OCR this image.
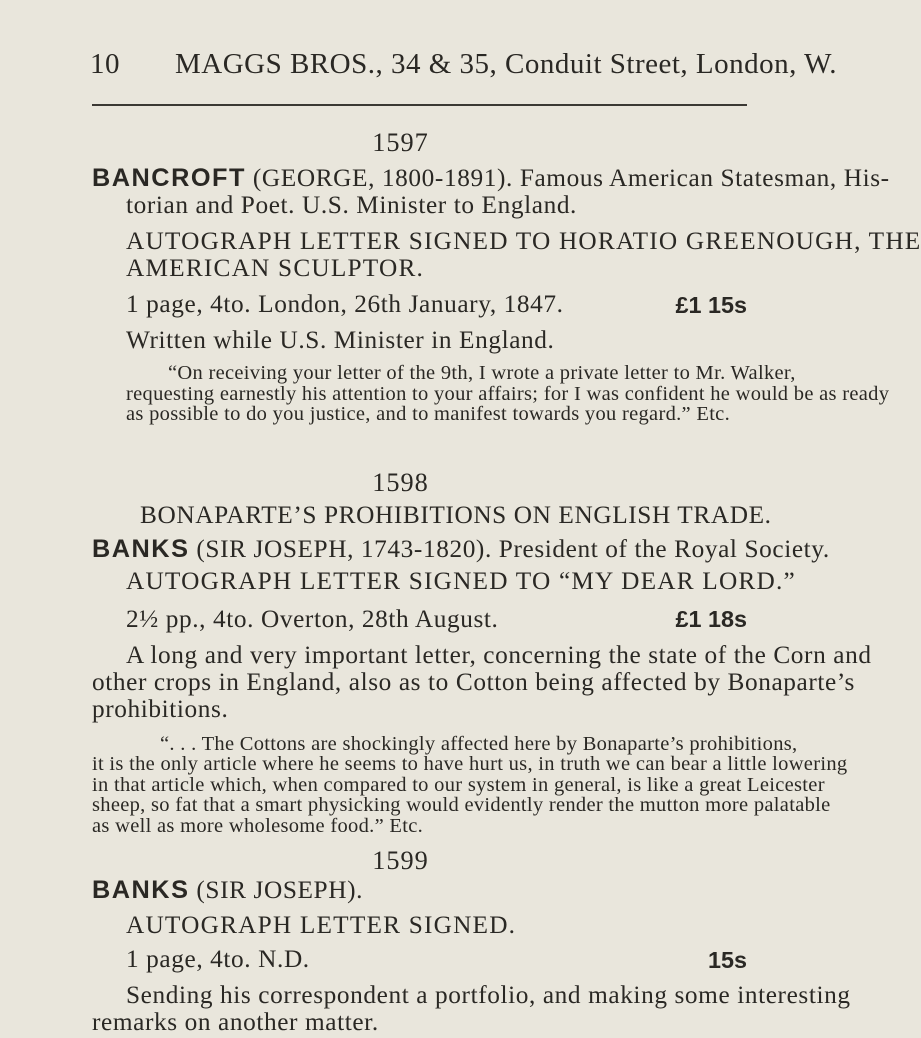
10 MAGGS BROS., 34 & 35, Conduit Street, London, W.
1597
BANCROFT (GEORGE, 1800-1891). Famous American Statesman, His-
torian and Poet. U.S. Minister to England.
AUTOGRAPH LETTER SIGNED TO HORATIO GREENOUGH, THE
AMERICAN SCULPTOR.
1 page, 4to. London, 26th January, 1847.	£1 15s
Written while U.S. Minister in England.
“On receiving your letter of the 9th, I wrote a private letter to Mr. Walker,
requesting earnestly his attention to your affairs; for I was confident he would be as ready
as possible to do you justice, and to manifest towards you regard.” Etc.
1598
BONAPARTE’S PROHIBITIONS ON ENGLISH TRADE.
BANKS (SIR JOSEPH, 1743-1820). President of the Royal Society.
AUTOGRAPH LETTER SIGNED TO “MY DEAR LORD.”
2½ pp., 4to. Overton, 28th August.	£1 18s
A long and very important letter, concerning the state of the Corn and
other crops in England, also as to Cotton being affected by Bonaparte’s
prohibitions.
“. . . The Cottons are shockingly affected here by Bonaparte’s prohibitions,
it is the only article where he seems to have hurt us, in truth we can bear a little lowering
in that article which, when compared to our system in general, is like a great Leicester
sheep, so fat that a smart physicking would evidently render the mutton more palatable
as well as more wholesome food.” Etc.
1599
BANKS (SIR JOSEPH).
AUTOGRAPH LETTER SIGNED.
1 page, 4to. N.D.	15s
Sending his correspondent a portfolio, and making some interesting
remarks on another matter.
